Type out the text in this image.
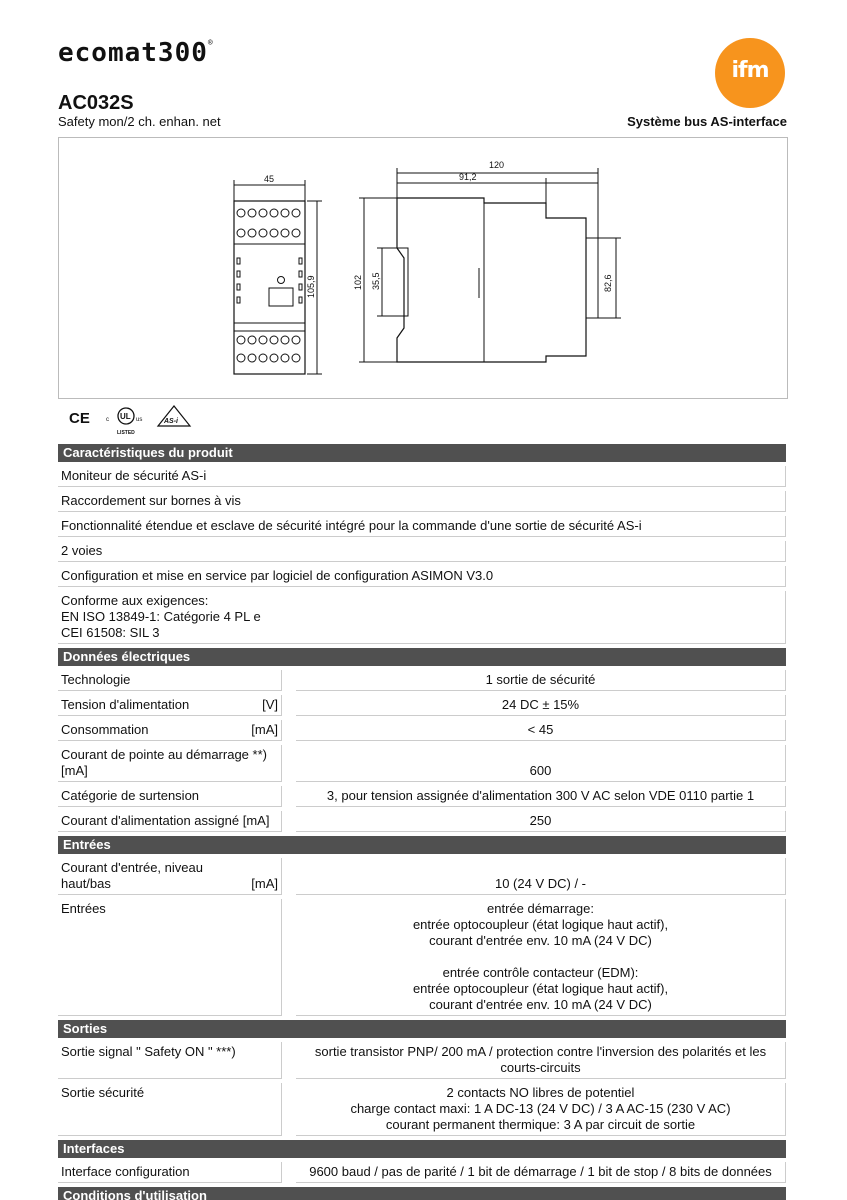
ecomat300®
ifm
AC032S
Safety mon/2 ch. enhan. net	Système bus AS-interface
45
105,9
120
91,2
102 35,5	82,6
CE	c UL us
LISTED
AS-i
Caractéristiques du produit
Moniteur de sécurité AS-i
Raccordement sur bornes à vis
Fonctionnalité étendue et esclave de sécurité intégré pour la commande d'une sortie de sécurité AS-i
2 voies
Configuration et mise en service par logiciel de configuration ASIMON V3.0
Conforme aux exigences:
EN ISO 13849-1: Catégorie 4 PL e
CEI 61508: SIL 3
Données électriques
Technologie	1 sortie de sécurité
Tension d'alimentation	[V]	24 DC ± 15%
Consommation	[mA]	< 45
Courant de pointe au démarrage **) [mA]	600
Catégorie de surtension	3, pour tension assignée d'alimentation 300 V AC selon VDE 0110 partie 1
Courant d'alimentation assigné [mA]	250
Entrées
Courant d'entrée, niveau haut/bas	[mA]	10 (24 V DC) / -
Entrées	entrée démarrage:
entrée optocoupleur (état logique haut actif),
courant d'entrée env. 10 mA (24 V DC)
entrée contrôle contacteur (EDM):
entrée optocoupleur (état logique haut actif),
courant d'entrée env. 10 mA (24 V DC)
Sorties
Sortie signal " Safety ON " ***)	sortie transistor PNP/ 200 mA / protection contre l'inversion des polarités et les
courts-circuits
Sortie sécurité	2 contacts NO libres de potentiel
charge contact maxi: 1 A DC-13 (24 V DC) / 3 A AC-15 (230 V AC)
courant permanent thermique: 3 A par circuit de sortie
Interfaces
Interface configuration	9600 baud / pas de parité / 1 bit de démarrage / 1 bit de stop / 8 bits de données
Conditions d'utilisation
